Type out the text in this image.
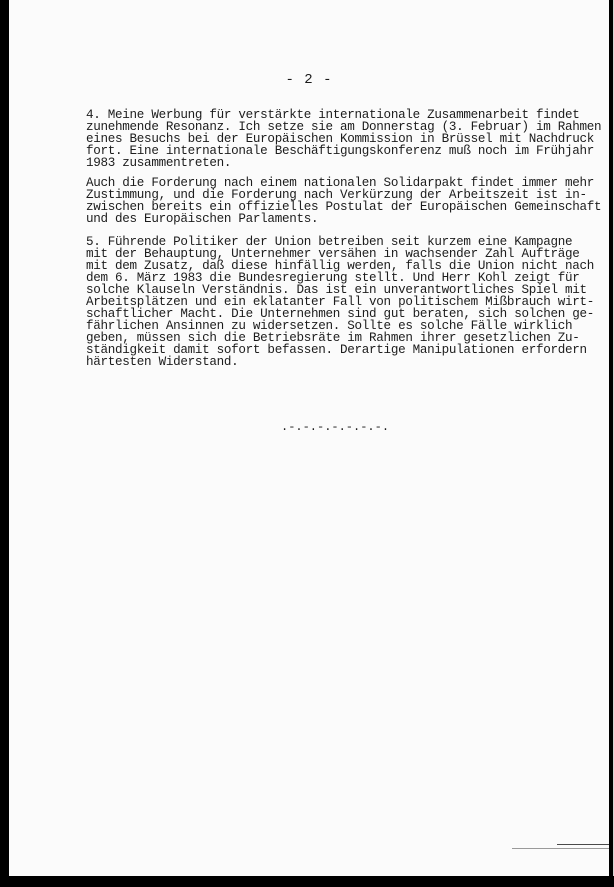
- 2 -

4. Meine Werbung für verstärkte internationale Zusammenarbeit findet
zunehmende Resonanz. Ich setze sie am Donnerstag (3. Februar) im Rahmen
eines Besuchs bei der Europäischen Kommission in Brüssel mit Nachdruck
fort. Eine internationale Beschäftigungskonferenz muß noch im Frühjahr
1983 zusammentreten.

Auch die Forderung nach einem nationalen Solidarpakt findet immer mehr
Zustimmung, und die Forderung nach Verkürzung der Arbeitszeit ist in-
zwischen bereits ein offizielles Postulat der Europäischen Gemeinschaft
und des Europäischen Parlaments.

5. Führende Politiker der Union betreiben seit kurzem eine Kampagne
mit der Behauptung, Unternehmer versähen in wachsender Zahl Aufträge
mit dem Zusatz, daß diese hinfällig werden, falls die Union nicht nach
dem 6. März 1983 die Bundesregierung stellt. Und Herr Kohl zeigt für
solche Klauseln Verständnis. Das ist ein unverantwortliches Spiel mit
Arbeitsplätzen und ein eklatanter Fall von politischem Mißbrauch wirt-
schaftlicher Macht. Die Unternehmen sind gut beraten, sich solchen ge-
fährlichen Ansinnen zu widersetzen. Sollte es solche Fälle wirklich
geben, müssen sich die Betriebsräte im Rahmen ihrer gesetzlichen Zu-
ständigkeit damit sofort befassen. Derartige Manipulationen erfordern
härtesten Widerstand.

.-.-.-.-.-.-.-.
